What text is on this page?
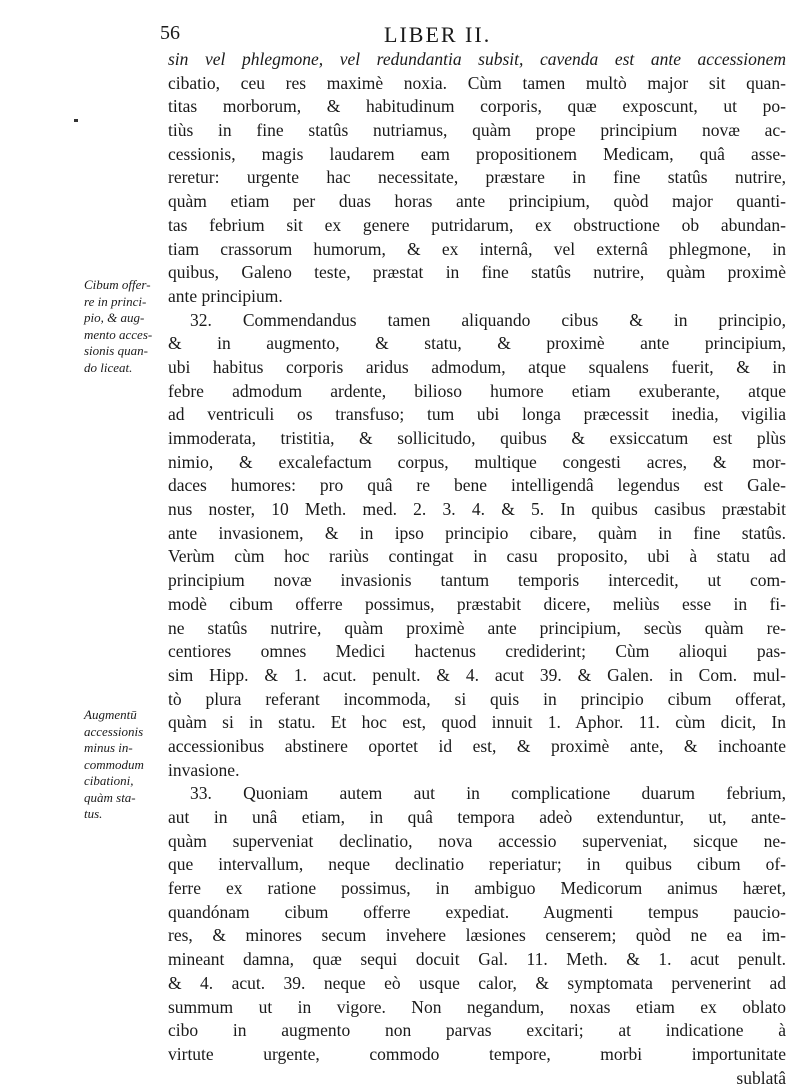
56	LIBER II.
Cibum offer-
re in princi-
pio, & aug-
mento acces-
sionis quan-
do liceat.
Augmentū
accessionis
minus in-
commodum
cibationi,
quàm sta-
tus.
sin vel phlegmone, vel redundantia subsit, cavenda est ante accessionem
cibatio, ceu res maximè noxia. Cùm tamen multò major sit quan-
titas morborum, & habitudinum corporis, quæ exposcunt, ut po-
tiùs in fine statûs nutriamus, quàm prope principium novæ ac-
cessionis, magis laudarem eam propositionem Medicam, quâ asse-
reretur: urgente hac necessitate, præstare in fine statûs nutrire,
quàm etiam per duas horas ante principium, quòd major quanti-
tas febrium sit ex genere putridarum, ex obstructione ob abundan-
tiam crassorum humorum, & ex internâ, vel externâ phlegmone, in
quibus, Galeno teste, præstat in fine statûs nutrire, quàm proximè
ante principium.
32. Commendandus tamen aliquando cibus & in principio,
& in augmento, & statu, & proximè ante principium,
ubi habitus corporis aridus admodum, atque squalens fuerit, & in
febre admodum ardente, bilioso humore etiam exuberante, atque
ad ventriculi os transfuso; tum ubi longa præcessit inedia, vigilia
immoderata, tristitia, & sollicitudo, quibus & exsiccatum est plùs
nimio, & excalefactum corpus, multique congesti acres, & mor-
daces humores: pro quâ re bene intelligendâ legendus est Gale-
nus noster, 10 Meth. med. 2. 3. 4. & 5. In quibus casibus præstabit
ante invasionem, & in ipso principio cibare, quàm in fine statûs.
Verùm cùm hoc rariùs contingat in casu proposito, ubi à statu ad
principium novæ invasionis tantum temporis intercedit, ut com-
modè cibum offerre possimus, præstabit dicere, meliùs esse in fi-
ne statûs nutrire, quàm proximè ante principium, secùs quàm re-
centiores omnes Medici hactenus crediderint; Cùm alioqui pas-
sim Hipp. & 1. acut. penult. & 4. acut 39. & Galen. in Com. mul-
tò plura referant incommoda, si quis in principio cibum offerat,
quàm si in statu. Et hoc est, quod innuit 1. Aphor. 11. cùm dicit, In
accessionibus abstinere oportet id est, & proximè ante, & inchoante
invasione.
33. Quoniam autem aut in complicatione duarum febrium,
aut in unâ etiam, in quâ tempora adeò extenduntur, ut, ante-
quàm superveniat declinatio, nova accessio superveniat, sicque ne-
que intervallum, neque declinatio reperiatur; in quibus cibum of-
ferre ex ratione possimus, in ambiguo Medicorum animus hæret,
quandónam cibum offerre expediat. Augmenti tempus paucio-
res, & minores secum invehere læsiones censerem; quòd ne ea im-
mineant damna, quæ sequi docuit Gal. 11. Meth. & 1. acut penult.
& 4. acut. 39. neque eò usque calor, & symptomata pervenerint ad
summum ut in vigore. Non negandum, noxas etiam ex oblato
cibo in augmento non parvas excitari; at indicatione à
virtute urgente, commodo tempore, morbi importunitate
sublatâ
